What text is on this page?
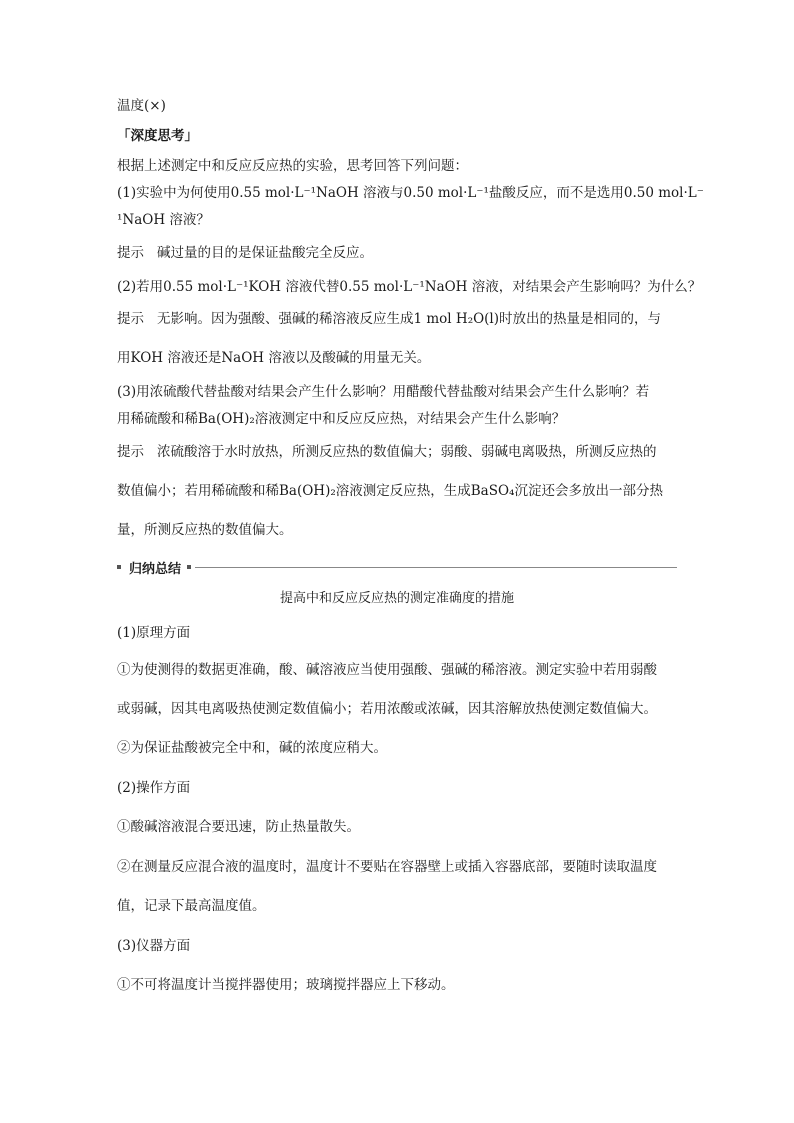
温度(×)
「深度思考」
根据上述测定中和反应反应热的实验，思考回答下列问题：
(1)实验中为何使用0.55 mol·L⁻¹NaOH 溶液与0.50 mol·L⁻¹盐酸反应，而不是选用0.50 mol·L⁻
¹NaOH 溶液？
提示 碱过量的目的是保证盐酸完全反应。
(2)若用0.55 mol·L⁻¹KOH 溶液代替0.55 mol·L⁻¹NaOH 溶液，对结果会产生影响吗？为什么？
提示 无影响。因为强酸、强碱的稀溶液反应生成1 mol H₂O(l)时放出的热量是相同的，与
用KOH 溶液还是NaOH 溶液以及酸碱的用量无关。
(3)用浓硫酸代替盐酸对结果会产生什么影响？用醋酸代替盐酸对结果会产生什么影响？若
用稀硫酸和稀Ba(OH)₂溶液测定中和反应反应热，对结果会产生什么影响？
提示 浓硫酸溶于水时放热，所测反应热的数值偏大；弱酸、弱碱电离吸热，所测反应热的
数值偏小；若用稀硫酸和稀Ba(OH)₂溶液测定反应热，生成BaSO₄沉淀还会多放出一部分热
量，所测反应热的数值偏大。
归纳总结
提高中和反应反应热的测定准确度的措施
(1)原理方面
①为使测得的数据更准确，酸、碱溶液应当使用强酸、强碱的稀溶液。测定实验中若用弱酸
或弱碱，因其电离吸热使测定数值偏小；若用浓酸或浓碱，因其溶解放热使测定数值偏大。
②为保证盐酸被完全中和，碱的浓度应稍大。
(2)操作方面
①酸碱溶液混合要迅速，防止热量散失。
②在测量反应混合液的温度时，温度计不要贴在容器壁上或插入容器底部，要随时读取温度
值，记录下最高温度值。
(3)仪器方面
①不可将温度计当搅拌器使用；玻璃搅拌器应上下移动。
